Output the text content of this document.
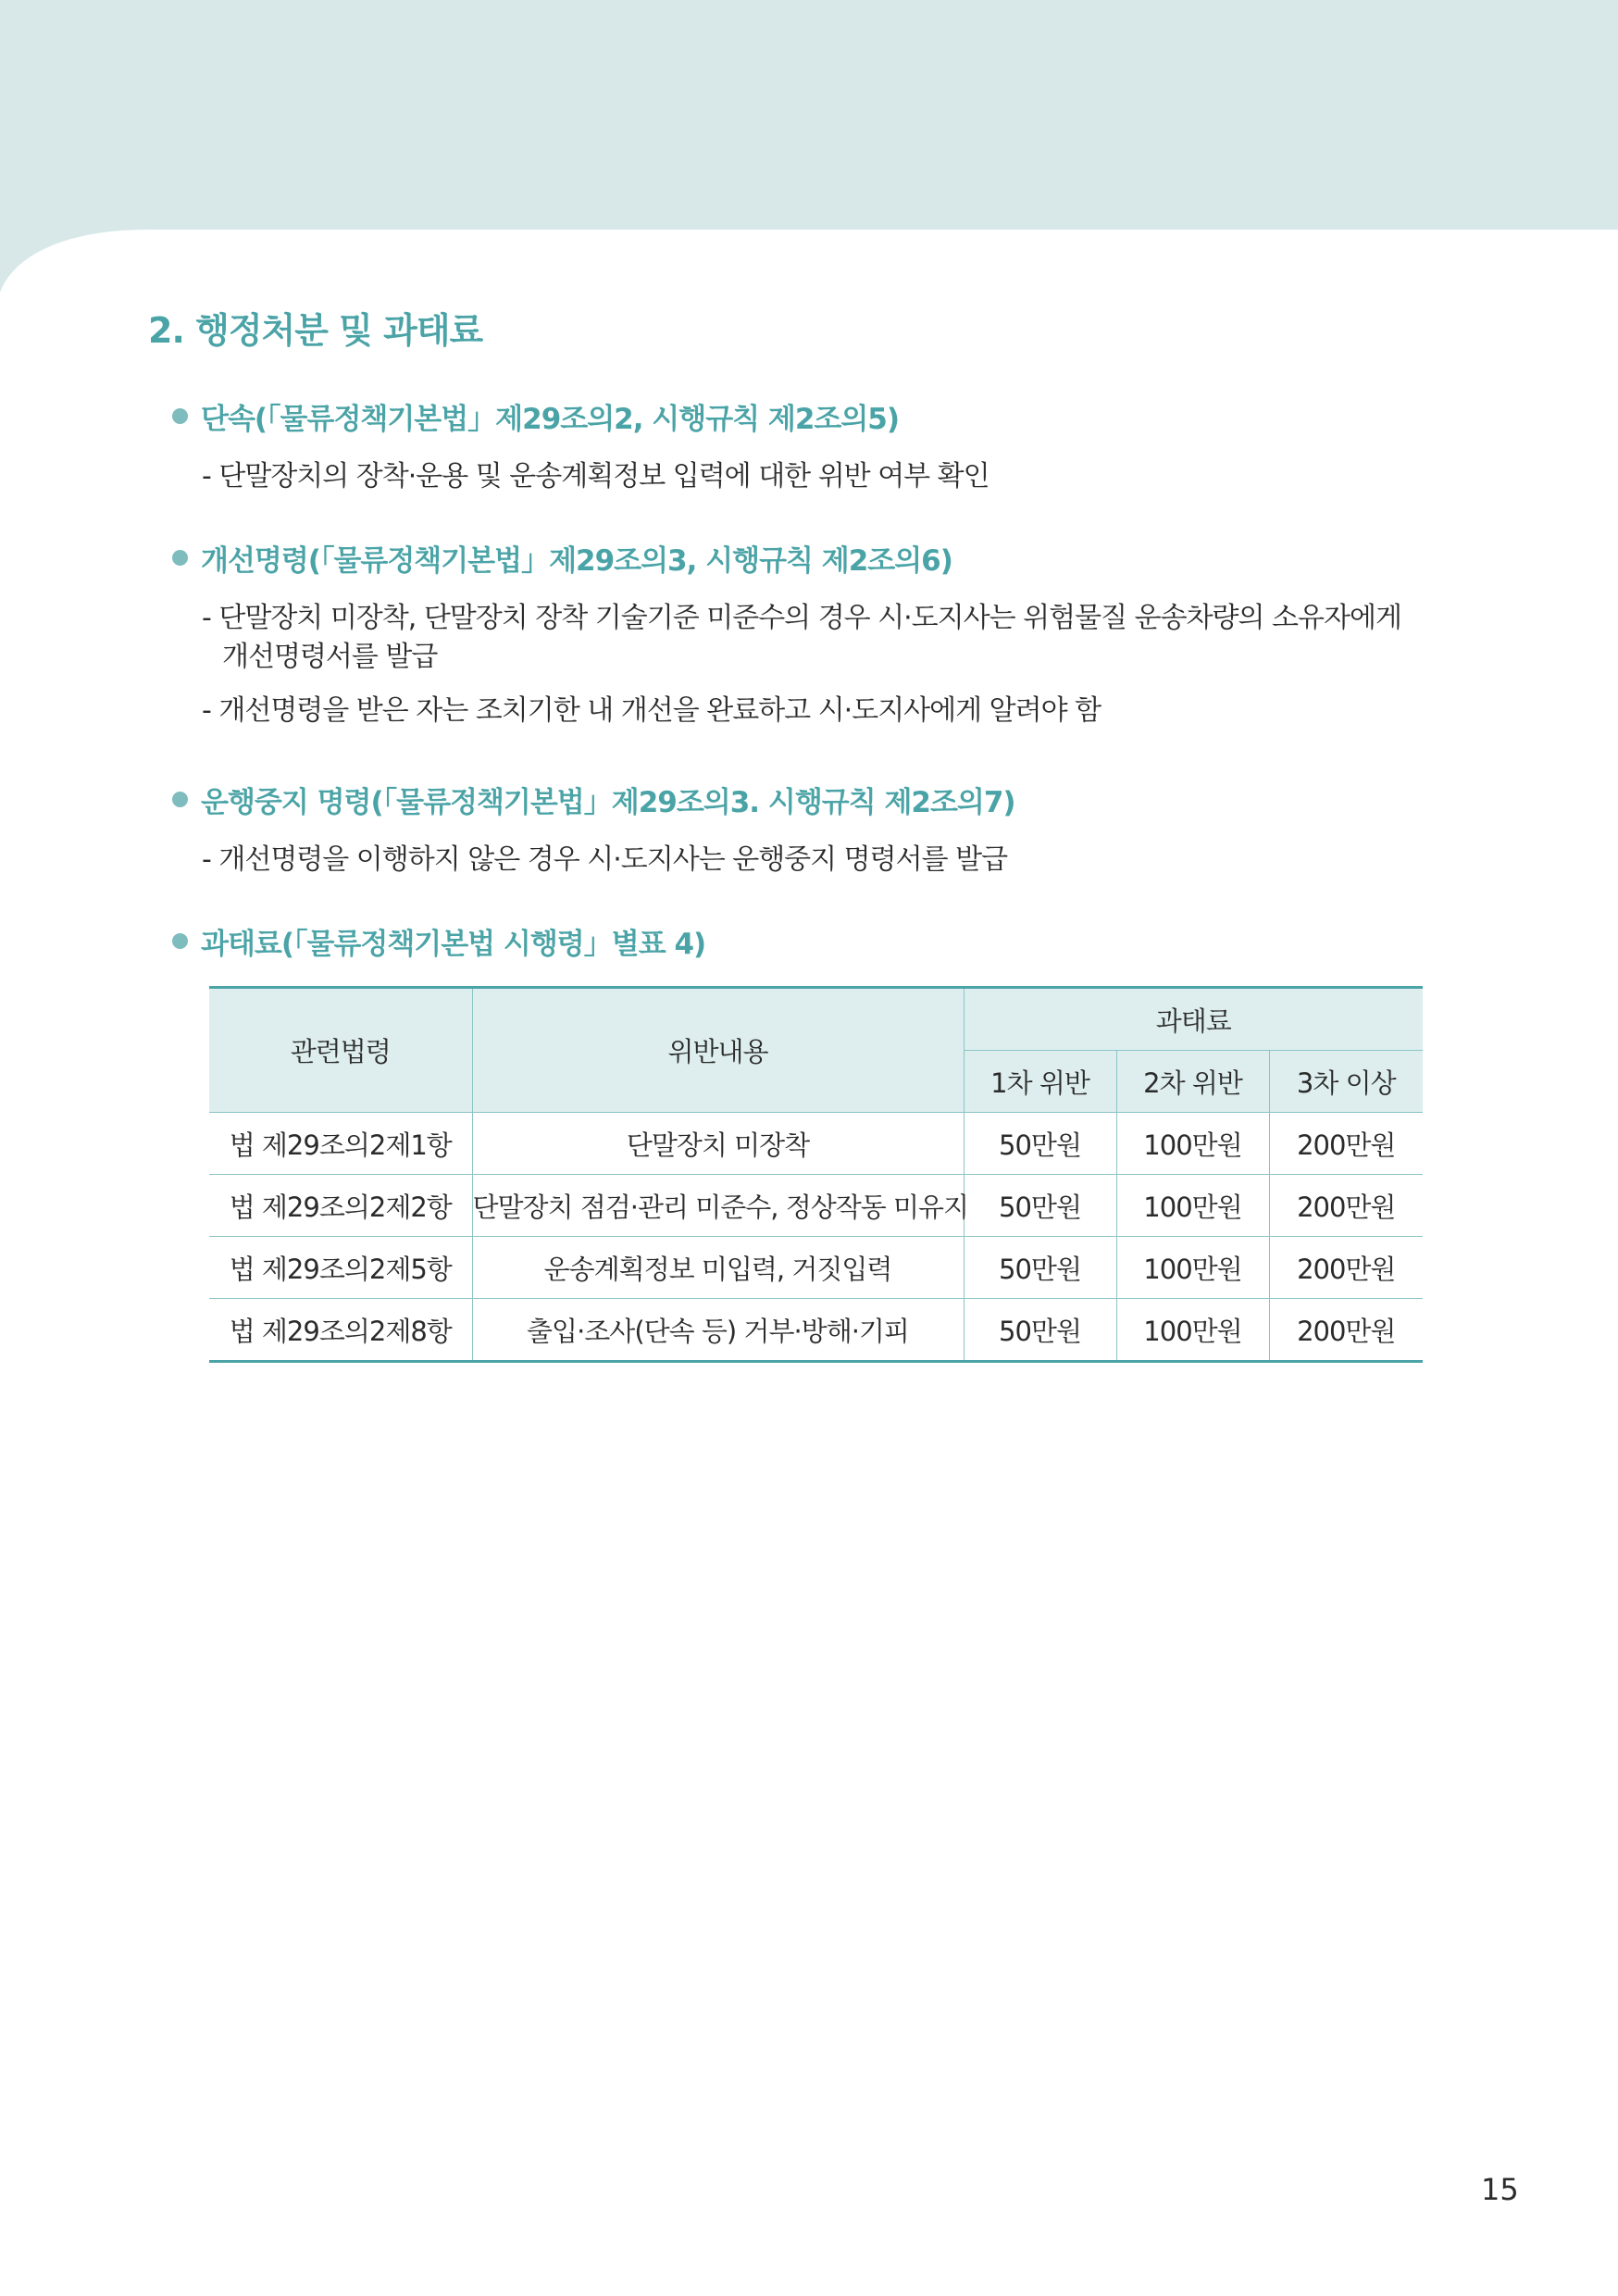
2. 행정처분 및 과태료
단속(「물류정책기본법」제29조의2, 시행규칙 제2조의5)
- 단말장치의 장착·운용 및 운송계획정보 입력에 대한 위반 여부 확인
개선명령(「물류정책기본법」제29조의3, 시행규칙 제2조의6)
- 단말장치 미장착, 단말장치 장착 기술기준 미준수의 경우 시·도지사는 위험물질 운송차량의 소유자에게
개선명령서를 발급
- 개선명령을 받은 자는 조치기한 내 개선을 완료하고 시·도지사에게 알려야 함
운행중지 명령(「물류정책기본법」제29조의3. 시행규칙 제2조의7)
- 개선명령을 이행하지 않은 경우 시·도지사는 운행중지 명령서를 발급
과태료(「물류정책기본법 시행령」별표 4)
관련법령	위반내용	과태료		
		1차 위반	2차 위반	3차 이상
법 제29조의2제1항	단말장치 미장착	50만원	100만원	200만원
법 제29조의2제2항	단말장치 점검·관리 미준수, 정상작동 미유지	50만원	100만원	200만원
법 제29조의2제5항	운송계획정보 미입력, 거짓입력	50만원	100만원	200만원
법 제29조의2제8항	출입·조사(단속 등) 거부·방해·기피	50만원	100만원	200만원
15
